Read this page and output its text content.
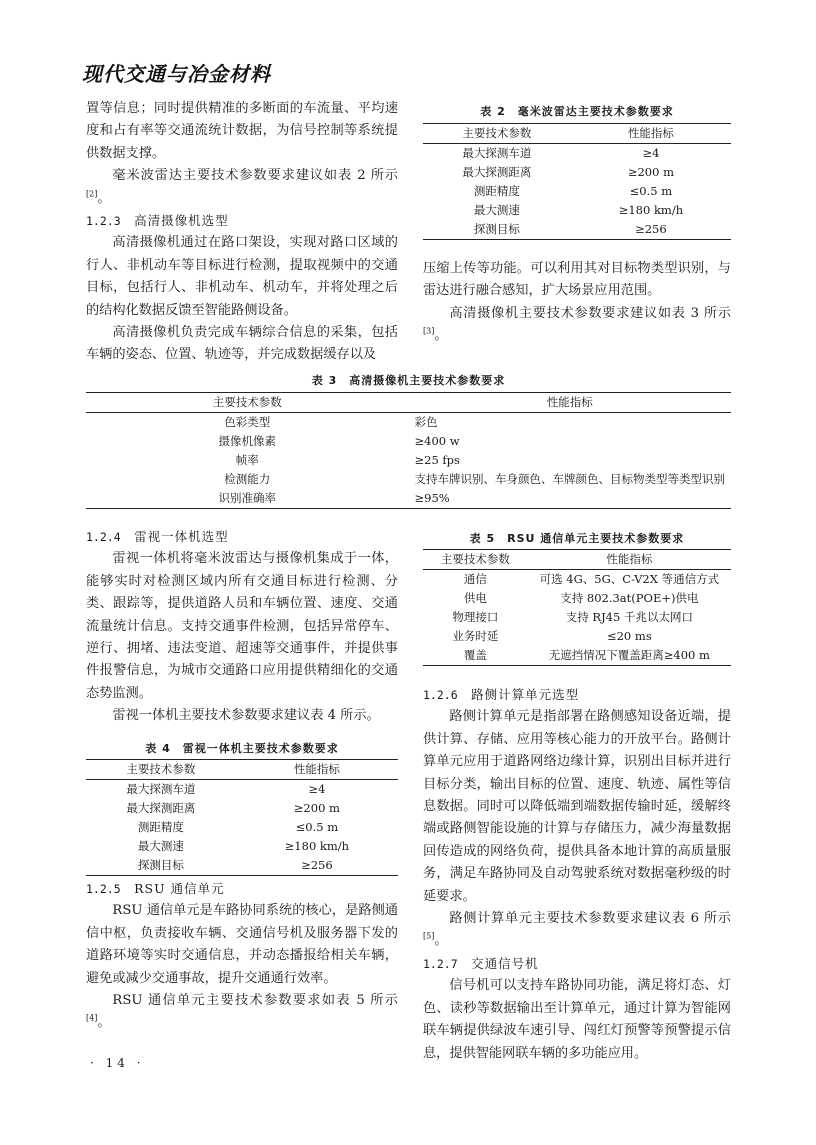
现代交通与冶金材料

置等信息；同时提供精准的多断面的车流量、平均速度和占有率等交通流统计数据，为信号控制等系统提供数据支撑。

毫米波雷达主要技术参数要求建议如表 2 所示[2]。

1.2.3　 高清摄像机选型

高清摄像机通过在路口架设，实现对路口区域的行人、非机动车等目标进行检测，提取视频中的交通目标，包括行人、非机动车、机动车，并将处理之后的结构化数据反馈至智能路侧设备。

高清摄像机负责完成车辆综合信息的采集，包括车辆的姿态、位置、轨迹等，并完成数据缓存以及

表 2　毫米波雷达主要技术参数要求
主要技术参数	性能指标
最大探测车道	≥4
最大探测距离	≥200 m
测距精度	≤0.5 m
最大测速	≥180 km/h
探测目标	≥256

压缩上传等功能。可以利用其对目标物类型识别，与雷达进行融合感知，扩大场景应用范围。

高清摄像机主要技术参数要求建议如表 3 所示[3]。

表 3　高清摄像机主要技术参数要求
主要技术参数	性能指标
色彩类型	彩色
摄像机像素	≥400 w
帧率	≥25 fps
检测能力	支持车牌识别、车身颜色、车牌颜色、目标物类型等类型识别
识别准确率	≥95%

1.2.4　 雷视一体机选型

雷视一体机将毫米波雷达与摄像机集成于一体，能够实时对检测区域内所有交通目标进行检测、分类、跟踪等，提供道路人员和车辆位置、速度、交通流量统计信息。支持交通事件检测，包括异常停车、逆行、拥堵、违法变道、超速等交通事件，并提供事件报警信息，为城市交通路口应用提供精细化的交通态势监测。

雷视一体机主要技术参数要求建议表 4 所示。

表 4　雷视一体机主要技术参数要求
主要技术参数	性能指标
最大探测车道	≥4
最大探测距离	≥200 m
测距精度	≤0.5 m
最大测速	≥180 km/h
探测目标	≥256

1.2.5　 RSU 通信单元

RSU 通信单元是车路协同系统的核心，是路侧通信中枢，负责接收车辆、交通信号机及服务器下发的道路环境等实时交通信息，并动态播报给相关车辆，避免或减少交通事故，提升交通通行效率。

RSU 通信单元主要技术参数要求如表 5 所示[4]。

表 5　RSU 通信单元主要技术参数要求
主要技术参数	性能指标
通信	可选 4G、5G、C-V2X 等通信方式
供电	支持 802.3at(POE+)供电
物理接口	支持 RJ45 千兆以太网口
业务时延	≤20 ms
覆盖	无遮挡情况下覆盖距离≥400 m

1.2.6　 路侧计算单元选型

路侧计算单元是指部署在路侧感知设备近端，提供计算、存储、应用等核心能力的开放平台。路侧计算单元应用于道路网络边缘计算，识别出目标并进行目标分类，输出目标的位置、速度、轨迹、属性等信息数据。同时可以降低端到端数据传输时延，缓解终端或路侧智能设施的计算与存储压力，减少海量数据回传造成的网络负荷，提供具备本地计算的高质量服务，满足车路协同及自动驾驶系统对数据毫秒级的时延要求。

路侧计算单元主要技术参数要求建议表 6 所示[5]。

1.2.7　 交通信号机

信号机可以支持车路协同功能，满足将灯态、灯色、读秒等数据输出至计算单元，通过计算为智能网联车辆提供绿波车速引导、闯红灯预警等预警提示信息，提供智能网联车辆的多功能应用。

· 14 ·
